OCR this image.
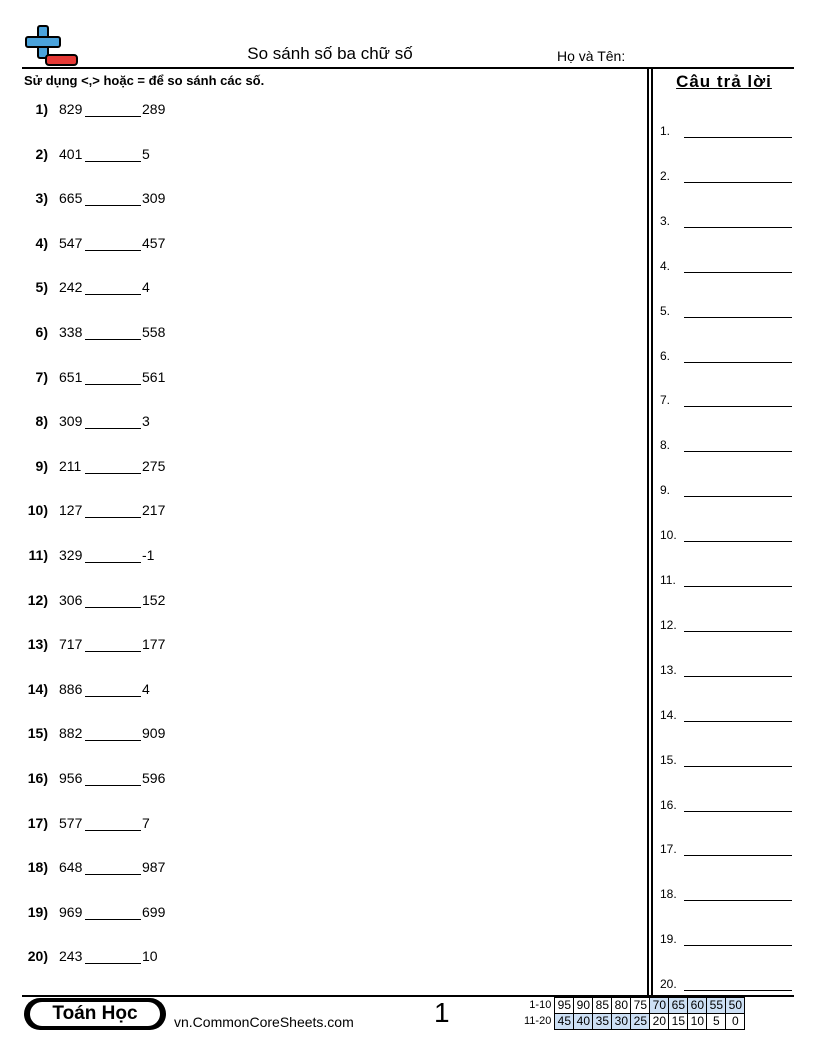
So sánh số ba chữ số	Họ và Tên:
Sử dụng <,> hoặc = để so sánh các số.	Câu trả lời
1) 829	289
2) 401	5
3) 665	309
4) 547	457
5) 242	4
6) 338	558
7) 651	561
8) 309	3
9) 211	275
10) 127	217
11) 329	-1
12) 306	152
13) 717	177
14) 886	4
15) 882	909
16) 956	596
17) 577	7
18) 648	987
19) 969	699
20) 243	10
1.
2.
3.
4.
5.
6.
7.
8.
9.
10.
11.
12.
13.
14.
15.
16.
17.
18.
19.
20.
Toán Học	vn.CommonCoreSheets.com	1	1-10	95	90	85	80	75	70	65	60	55	50
11-20	45	40	35	30	25	20	15	10	5	0
